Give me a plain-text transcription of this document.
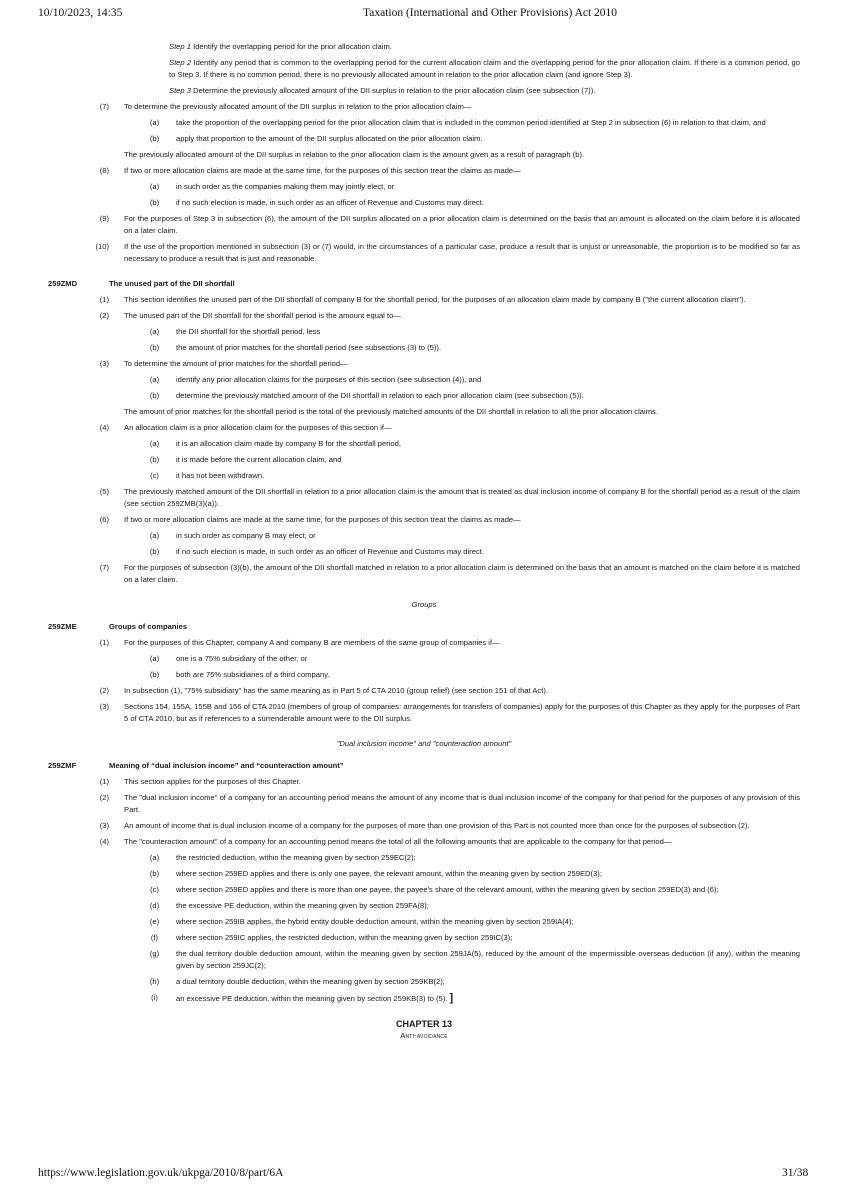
10/10/2023, 14:35	Taxation (International and Other Provisions) Act 2010
Step 1 Identify the overlapping period for the prior allocation claim.
Step 2 Identify any period that is common to the overlapping period for the current allocation claim and the overlapping period for the prior allocation claim. If there is a common period, go to Step 3. If there is no common period, there is no previously allocated amount in relation to the prior allocation claim (and ignore Step 3).
Step 3 Determine the previously allocated amount of the DII surplus in relation to the prior allocation claim (see subsection (7)).
(7) To determine the previously allocated amount of the DII surplus in relation to the prior allocation claim—
(a)	take the proportion of the overlapping period for the prior allocation claim that is included in the common period identified at Step 2 in subsection (6) in relation to that claim, and
(b)	apply that proportion to the amount of the DII surplus allocated on the prior allocation claim.
The previously allocated amount of the DII surplus in relation to the prior allocation claim is the amount given as a result of paragraph (b).
(8) If two or more allocation claims are made at the same time, for the purposes of this section treat the claims as made—
(a)	in such order as the companies making them may jointly elect, or
(b)	if no such election is made, in such order as an officer of Revenue and Customs may direct.
(9) For the purposes of Step 3 in subsection (6), the amount of the DII surplus allocated on a prior allocation claim is determined on the basis that an amount is allocated on the claim before it is allocated on a later claim.
(10) If the use of the proportion mentioned in subsection (3) or (7) would, in the circumstances of a particular case, produce a result that is unjust or unreasonable, the proportion is to be modified so far as necessary to produce a result that is just and reasonable.
259ZMD	The unused part of the DII shortfall
(1) This section identifies the unused part of the DII shortfall of company B for the shortfall period, for the purposes of an allocation claim made by company B ("the current allocation claim").
(2) The unused part of the DII shortfall for the shortfall period is the amount equal to—
(a)	the DII shortfall for the shortfall period, less
(b)	the amount of prior matches for the shortfall period (see subsections (3) to (5)).
(3) To determine the amount of prior matches for the shortfall period—
(a)	identify any prior allocation claims for the purposes of this section (see subsection (4)), and
(b)	determine the previously matched amount of the DII shortfall in relation to each prior allocation claim (see subsection (5)).
The amount of prior matches for the shortfall period is the total of the previously matched amounts of the DII shortfall in relation to all the prior allocation claims.
(4) An allocation claim is a prior allocation claim for the purposes of this section if—
(a)	it is an allocation claim made by company B for the shortfall period,
(b)	it is made before the current allocation claim, and
(c)	it has not been withdrawn.
(5) The previously matched amount of the DII shortfall in relation to a prior allocation claim is the amount that is treated as dual inclusion income of company B for the shortfall period as a result of the claim (see section 259ZMB(3)(a)).
(6) If two or more allocation claims are made at the same time, for the purposes of this section treat the claims as made—
(a)	in such order as company B may elect, or
(b)	if no such election is made, in such order as an officer of Revenue and Customs may direct.
(7) For the purposes of subsection (3)(b), the amount of the DII shortfall matched in relation to a prior allocation claim is determined on the basis that an amount is matched on the claim before it is matched on a later claim.
Groups
259ZME	Groups of companies
(1) For the purposes of this Chapter, company A and company B are members of the same group of companies if—
(a)	one is a 75% subsidiary of the other, or
(b)	both are 75% subsidiaries of a third company.
(2) In subsection (1), "75% subsidiary" has the same meaning as in Part 5 of CTA 2010 (group relief) (see section 151 of that Act).
(3) Sections 154, 155A, 155B and 156 of CTA 2010 (members of group of companies: arrangements for transfers of companies) apply for the purposes of this Chapter as they apply for the purposes of Part 5 of CTA 2010, but as if references to a surrenderable amount were to the DII surplus.
"Dual inclusion income" and "counteraction amount"
259ZMF	Meaning of “dual inclusion income” and “counteraction amount”
(1) This section applies for the purposes of this Chapter.
(2) The "dual inclusion income" of a company for an accounting period means the amount of any income that is dual inclusion income of the company for that period for the purposes of any provision of this Part.
(3) An amount of income that is dual inclusion income of a company for the purposes of more than one provision of this Part is not counted more than once for the purposes of subsection (2).
(4) The "counteraction amount" of a company for an accounting period means the total of all the following amounts that are applicable to the company for that period—
(a)	the restricted deduction, within the meaning given by section 259EC(2);
(b)	where section 259ED applies and there is only one payee, the relevant amount, within the meaning given by section 259ED(3);
(c)	where section 259ED applies and there is more than one payee, the payee's share of the relevant amount, within the meaning given by section 259ED(3) and (6);
(d)	the excessive PE deduction, within the meaning given by section 259FA(8);
(e)	where section 259IB applies, the hybrid entity double deduction amount, within the meaning given by section 259IA(4);
(f)	where section 259IC applies, the restricted deduction, within the meaning given by section 259IC(3);
(g)	the dual territory double deduction amount, within the meaning given by section 259JA(5), reduced by the amount of the impermissible overseas deduction (if any), within the meaning given by section 259JC(2);
(h)	a dual territory double deduction, within the meaning given by section 259KB(2);
(i)	an excessive PE deduction, within the meaning given by section 259KB(3) to (5). ]
CHAPTER 13
Anti-avoidance
https://www.legislation.gov.uk/ukpga/2010/8/part/6A	31/38
